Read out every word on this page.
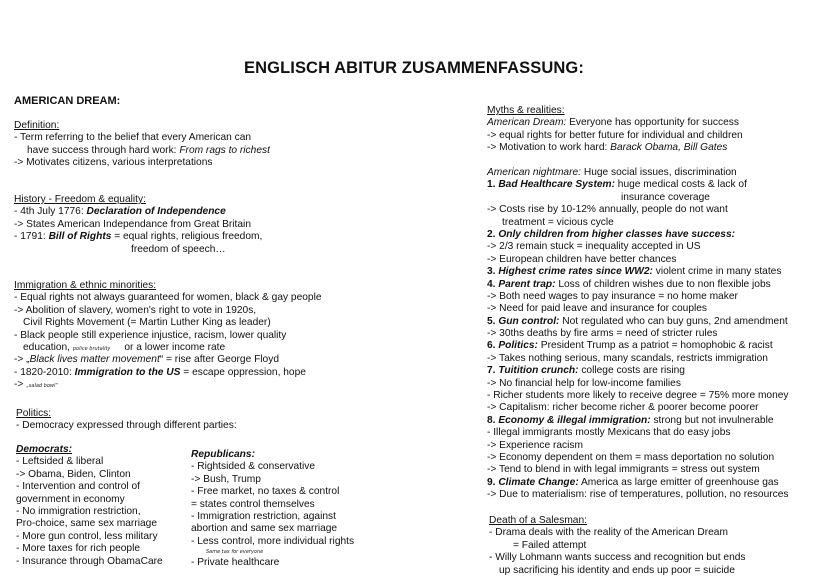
ENGLISCH ABITUR ZUSAMMENFASSUNG:
AMERICAN DREAM:
Definition:
- Term referring to the belief that every American can
have success through hard work: From rags to richest
-> Motivates citizens, various interpretations
History - Freedom & equality:
- 4th July 1776: Declaration of Independence
-> States American Independance from Great Britain
- 1791: Bill of Rights = equal rights, religious freedom,
freedom of speech…
Immigration & ethnic minorities:
- Equal rights not always guaranteed for women, black & gay people
-> Abolition of slavery, women's right to vote in 1920s,
Civil Rights Movement (= Martin Luther King as leader)
- Black people still experience injustice, racism, lower quality
education, police brutality or a lower income rate
-> „Black lives matter movement“ = rise after George Floyd
- 1820-2010: Immigration to the US = escape oppression, hope
-> „salad bowl“
Politics:
- Democracy expressed through different parties:
Democrats:
- Leftsided & liberal
-> Obama, Biden, Clinton
- Intervention and control of
government in economy
- No immigration restriction,
Pro-choice, same sex marriage
- More gun control, less military
- More taxes for rich people
- Insurance through ObamaCare
Republicans:
- Rightsided & conservative
-> Bush, Trump
- Free market, no taxes & control
= states control themselves
- Immigration restriction, against
abortion and same sex marriage
- Less control, more individual rights
Same tax for everyone
- Private healthcare
Myths & realities:
American Dream: Everyone has opportunity for success
-> equal rights for better future for individual and children
-> Motivation to work hard: Barack Obama, Bill Gates
American nightmare: Huge social issues, discrimination
1. Bad Healthcare System: huge medical costs & lack of
insurance coverage
-> Costs rise by 10-12% annually, people do not want
treatment = vicious cycle
2. Only children from higher classes have success:
-> 2/3 remain stuck = inequality accepted in US
-> European children have better chances
3. Highest crime rates since WW2: violent crime in many states
4. Parent trap: Loss of children wishes due to non flexible jobs
-> Both need wages to pay insurance = no home maker
-> Need for paid leave and insurance for couples
5. Gun control: Not regulated who can buy guns, 2nd amendment
-> 30ths deaths by fire arms = need of stricter rules
6. Politics: President Trump as a patriot = homophobic & racist
-> Takes nothing serious, many scandals, restricts immigration
7. Tuitition crunch: college costs are rising
-> No financial help for low-income families
- Richer students more likely to receive degree = 75% more money
-> Capitalism: richer become richer & poorer become poorer
8. Economy & illegal immigration: strong but not invulnerable
- Illegal immigrants mostly Mexicans that do easy jobs
-> Experience racism
-> Economy dependent on them = mass deportation no solution
-> Tend to blend in with legal immigrants = stress out system
9. Climate Change: America as large emitter of greenhouse gas
-> Due to materialism: rise of temperatures, pollution, no resources
Death of a Salesman:
- Drama deals with the reality of the American Dream
= Failed attempt
- Willy Lohmann wants success and recognition but ends
up sacrificing his identity and ends up poor = suicide
